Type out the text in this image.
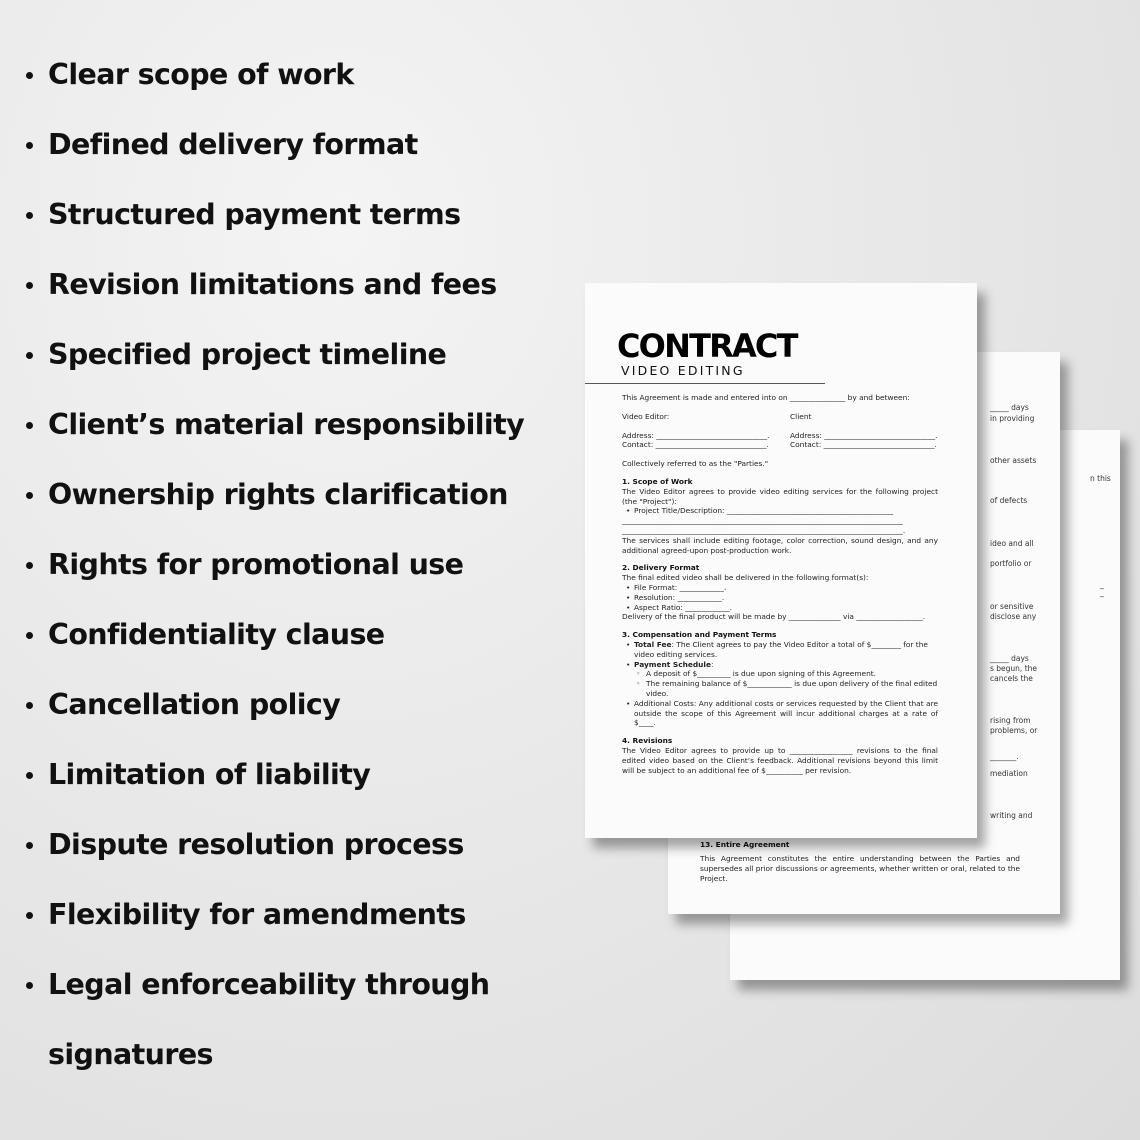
Clear scope of work
Defined delivery format
Structured payment terms
Revision limitations and fees
Specified project timeline
Client’s material responsibility
Ownership rights clarification
Rights for promotional use
Confidentiality clause
Cancellation policy
Limitation of liability
Dispute resolution process
Flexibility for amendments
Legal enforceability through
signatures
n this
_
_
_____ days
in providing
other assets
of defects
ideo and all
portfolio or
or sensitive
disclose any
_____ days
s begun, the
cancels the
rising from
problems, or
_______.
mediation
writing and
13. Entire Agreement
This Agreement constitutes the entire understanding between the Parties and supersedes all prior discussions or agreements, whether written or oral, related to the Project.
CONTRACT
VIDEO EDITING
This Agreement is made and entered into on _______________ by and between:
Video Editor:	Client
Address: ______________________________.	Address: ______________________________.
Contact: ______________________________.	Contact: ______________________________.
Collectively referred to as the "Parties."
1. Scope of Work
The Video Editor agrees to provide video editing services for the following project (the "Project"):
• Project Title/Description: _____________________________________________
____________________________________________________________________________
____________________________________________________________________________.
The services shall include editing footage, color correction, sound design, and any additional agreed-upon post-production work.
2. Delivery Format
The final edited video shall be delivered in the following format(s):
• File Format: ____________.
• Resolution: ____________.
• Aspect Ratio: ____________.
Delivery of the final product will be made by ______________ via __________________.
3. Compensation and Payment Terms
• Total Fee: The Client agrees to pay the Video Editor a total of $________ for the video editing services.
• Payment Schedule:
◦ A deposit of $_________ is due upon signing of this Agreement.
◦ The remaining balance of $____________ is due upon delivery of the final edited video.
• Additional Costs: Any additional costs or services requested by the Client that are outside the scope of this Agreement will incur additional charges at a rate of $____.
4. Revisions
The Video Editor agrees to provide up to _________________ revisions to the final edited video based on the Client’s feedback. Additional revisions beyond this limit will be subject to an additional fee of $__________ per revision.
